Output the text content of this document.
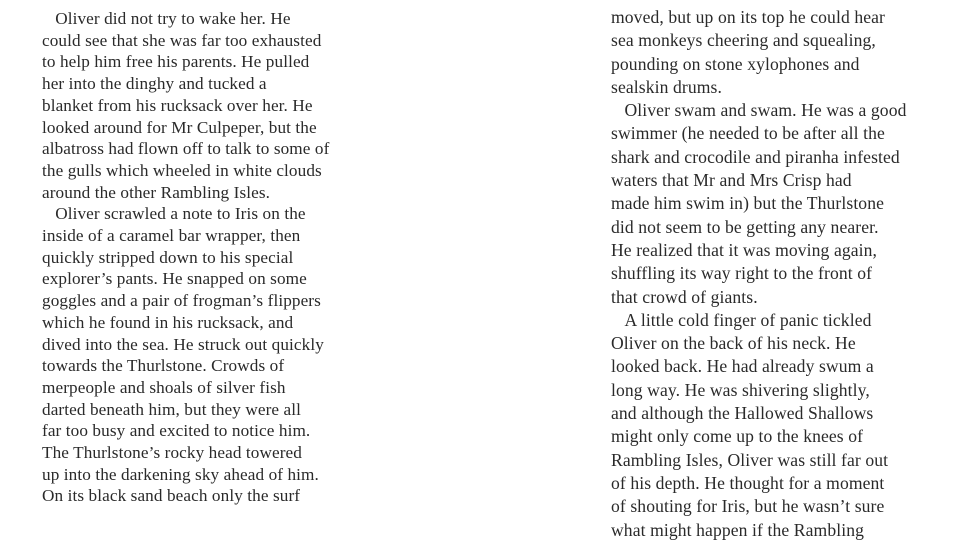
Oliver did not try to wake her. He
could see that she was far too exhausted
to help him free his parents. He pulled
her into the dinghy and tucked a
blanket from his rucksack over her. He
looked around for Mr Culpeper, but the
albatross had flown off to talk to some of
the gulls which wheeled in white clouds
around the other Rambling Isles.
Oliver scrawled a note to Iris on the
inside of a caramel bar wrapper, then
quickly stripped down to his special
explorer’s pants. He snapped on some
goggles and a pair of frogman’s flippers
which he found in his rucksack, and
dived into the sea. He struck out quickly
towards the Thurlstone. Crowds of
merpeople and shoals of silver fish
darted beneath him, but they were all
far too busy and excited to notice him.
The Thurlstone’s rocky head towered
up into the darkening sky ahead of him.
On its black sand beach only the surf
moved, but up on its top he could hear
sea monkeys cheering and squealing,
pounding on stone xylophones and
sealskin drums.
Oliver swam and swam. He was a good
swimmer (he needed to be after all the
shark and crocodile and piranha infested
waters that Mr and Mrs Crisp had
made him swim in) but the Thurlstone
did not seem to be getting any nearer.
He realized that it was moving again,
shuffling its way right to the front of
that crowd of giants.
A little cold finger of panic tickled
Oliver on the back of his neck. He
looked back. He had already swum a
long way. He was shivering slightly,
and although the Hallowed Shallows
might only come up to the knees of
Rambling Isles, Oliver was still far out
of his depth. He thought for a moment
of shouting for Iris, but he wasn’t sure
what might happen if the Rambling
